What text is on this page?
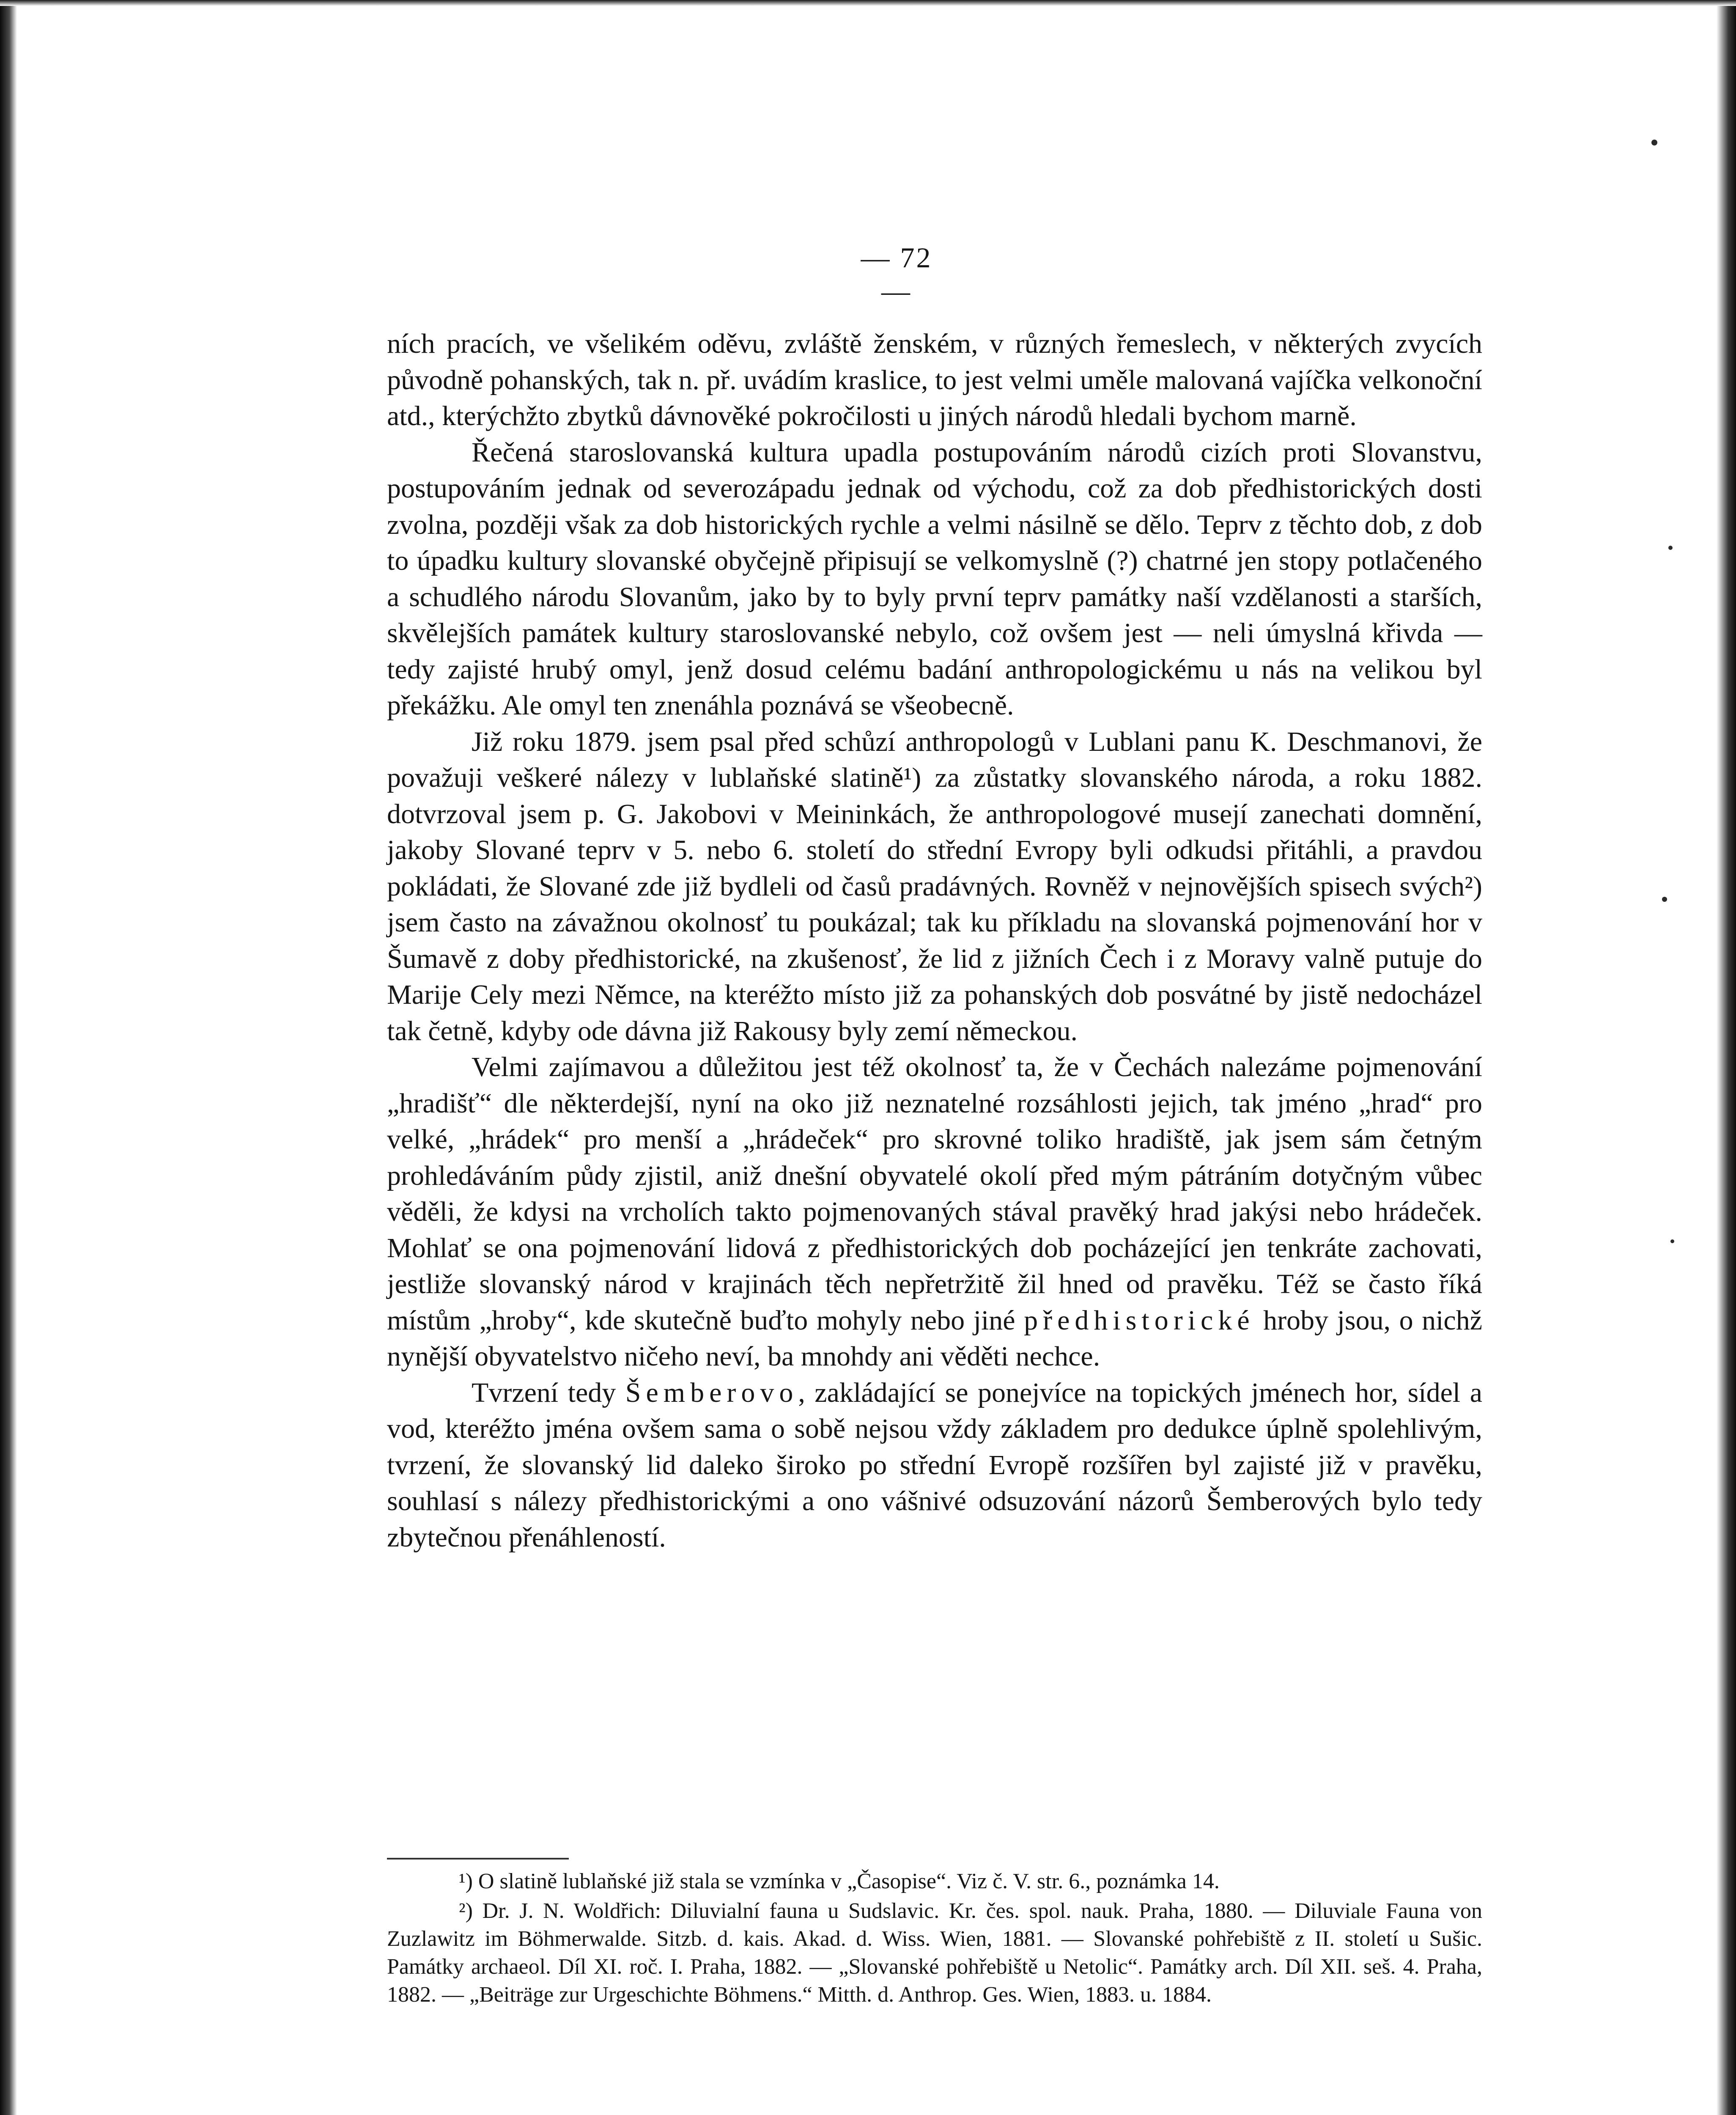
— 72 —

ních pracích, ve všelikém oděvu, zvláště ženském, v různých řemeslech, v některých zvycích původně pohanských, tak n. př. uvádím kraslice, to jest velmi uměle malovaná vajíčka velkonoční atd., kterýchžto zbytků dávnověké pokročilosti u jiných národů hledali bychom marně.

Řečená staroslovanská kultura upadla postupováním národů cizích proti Slovanstvu, postupováním jednak od severozápadu jednak od východu, což za dob předhistorických dosti zvolna, později však za dob historických rychle a velmi násilně se dělo. Teprv z těchto dob, z dob to úpadku kultury slovanské obyčejně připisují se velkomyslně (?) chatrné jen stopy potlačeného a schudlého národu Slovanům, jako by to byly první teprv památky naší vzdělanosti a starších, skvělejších památek kultury staroslovanské nebylo, což ovšem jest — neli úmyslná křivda — tedy zajisté hrubý omyl, jenž dosud celému badání anthropologickému u nás na velikou byl překážku. Ale omyl ten znenáhla poznává se všeobecně.

Již roku 1879. jsem psal před schůzí anthropologů v Lublani panu K. Deschmanovi, že považuji veškeré nálezy v lublaňské slatině¹) za zůstatky slovanského národa, a roku 1882. dotvrzoval jsem p. G. Jakobovi v Meininkách, že anthropologové musejí zanechati domnění, jakoby Slované teprv v 5. nebo 6. století do střední Evropy byli odkudsi přitáhli, a pravdou pokládati, že Slované zde již bydleli od časů pradávných. Rovněž v nejnovějších spisech svých²) jsem často na závažnou okolnosť tu poukázal; tak ku příkladu na slovanská pojmenování hor v Šumavě z doby předhistorické, na zkušenosť, že lid z jižních Čech i z Moravy valně putuje do Marije Cely mezi Němce, na kteréžto místo již za pohanských dob posvátné by jistě nedocházel tak četně, kdyby ode dávna již Rakousy byly zemí německou.

Velmi zajímavou a důležitou jest též okolnosť ta, že v Čechách nalezáme pojmenování „hradišť“ dle některdejší, nyní na oko již neznatelné rozsáhlosti jejich, tak jméno „hrad“ pro velké, „hrádek“ pro menší a „hrádeček“ pro skrovné toliko hradiště, jak jsem sám četným prohledáváním půdy zjistil, aniž dnešní obyvatelé okolí před mým pátráním dotyčným vůbec věděli, že kdysi na vrcholích takto pojmenovaných stával pravěký hrad jakýsi nebo hrádeček. Mohlať se ona pojmenování lidová z předhistorických dob pocházející jen tenkráte zachovati, jestliže slovanský národ v krajinách těch nepřetržitě žil hned od pravěku. Též se často říká místům „hroby“, kde skutečně buďto mohyly nebo jiné předhistorické hroby jsou, o nichž nynější obyvatelstvo ničeho neví, ba mnohdy ani věděti nechce.

Tvrzení tedy Šemberovo, zakládající se ponejvíce na topických jménech hor, sídel a vod, kteréžto jména ovšem sama o sobě nejsou vždy základem pro dedukce úplně spolehlivým, tvrzení, že slovanský lid daleko široko po střední Evropě rozšířen byl zajisté již v pravěku, souhlasí s nálezy předhistorickými a ono vášnivé odsuzování názorů Šemberových bylo tedy zbytečnou přenáhleností.

¹) O slatině lublaňské již stala se vzmínka v „Časopise“. Viz č. V. str. 6., poznámka 14.

²) Dr. J. N. Woldřich: Diluvialní fauna u Sudslavic. Kr. čes. spol. nauk. Praha, 1880. — Diluviale Fauna von Zuzlawitz im Böhmerwalde. Sitzb. d. kais. Akad. d. Wiss. Wien, 1881. — Slovanské pohřebiště z II. století u Sušic. Památky archaeol. Díl XI. roč. I. Praha, 1882. — „Slovanské pohřebiště u Netolic“. Památky arch. Díl XII. seš. 4. Praha, 1882. — „Beiträge zur Urgeschichte Böhmens.“ Mitth. d. Anthrop. Ges. Wien, 1883. u. 1884.
